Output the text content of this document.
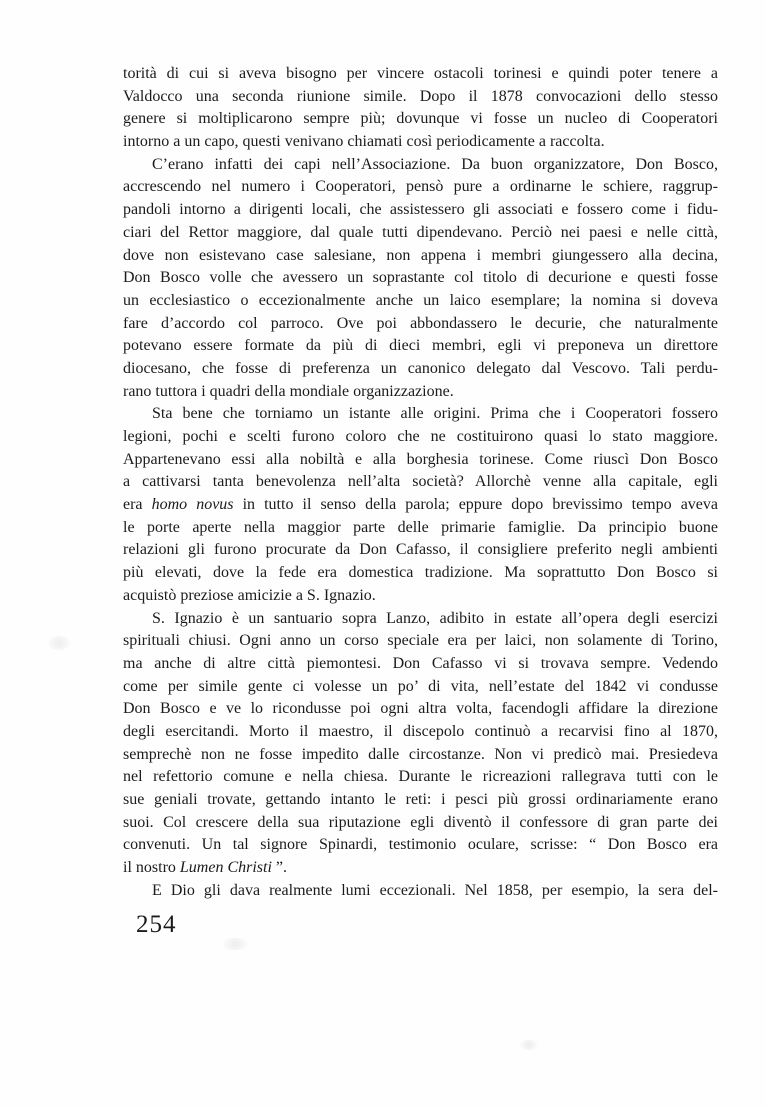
torità di cui si aveva bisogno per vincere ostacoli torinesi e quindi poter tenere a
Valdocco una seconda riunione simile. Dopo il 1878 convocazioni dello stesso
genere si moltiplicarono sempre più; dovunque vi fosse un nucleo di Cooperatori
intorno a un capo, questi venivano chiamati così periodicamente a raccolta.
C’erano infatti dei capi nell’Associazione. Da buon organizzatore, Don Bosco,
accrescendo nel numero i Cooperatori, pensò pure a ordinarne le schiere, raggrup-
pandoli intorno a dirigenti locali, che assistessero gli associati e fossero come i fidu-
ciari del Rettor maggiore, dal quale tutti dipendevano. Perciò nei paesi e nelle città,
dove non esistevano case salesiane, non appena i membri giungessero alla decina,
Don Bosco volle che avessero un soprastante col titolo di decurione e questi fosse
un ecclesiastico o eccezionalmente anche un laico esemplare; la nomina si doveva
fare d’accordo col parroco. Ove poi abbondassero le decurie, che naturalmente
potevano essere formate da più di dieci membri, egli vi preponeva un direttore
diocesano, che fosse di preferenza un canonico delegato dal Vescovo. Tali perdu-
rano tuttora i quadri della mondiale organizzazione.
Sta bene che torniamo un istante alle origini. Prima che i Cooperatori fossero
legioni, pochi e scelti furono coloro che ne costituirono quasi lo stato maggiore.
Appartenevano essi alla nobiltà e alla borghesia torinese. Come riuscì Don Bosco
a cattivarsi tanta benevolenza nell’alta società? Allorchè venne alla capitale, egli
era homo novus in tutto il senso della parola; eppure dopo brevissimo tempo aveva
le porte aperte nella maggior parte delle primarie famiglie. Da principio buone
relazioni gli furono procurate da Don Cafasso, il consigliere preferito negli ambienti
più elevati, dove la fede era domestica tradizione. Ma soprattutto Don Bosco si
acquistò preziose amicizie a S. Ignazio.
S. Ignazio è un santuario sopra Lanzo, adibito in estate all’opera degli esercizi
spirituali chiusi. Ogni anno un corso speciale era per laici, non solamente di Torino,
ma anche di altre città piemontesi. Don Cafasso vi si trovava sempre. Vedendo
come per simile gente ci volesse un po’ di vita, nell’estate del 1842 vi condusse
Don Bosco e ve lo ricondusse poi ogni altra volta, facendogli affidare la direzione
degli esercitandi. Morto il maestro, il discepolo continuò a recarvisi fino al 1870,
semprechè non ne fosse impedito dalle circostanze. Non vi predicò mai. Presiedeva
nel refettorio comune e nella chiesa. Durante le ricreazioni rallegrava tutti con le
sue geniali trovate, gettando intanto le reti: i pesci più grossi ordinariamente erano
suoi. Col crescere della sua riputazione egli diventò il confessore di gran parte dei
convenuti. Un tal signore Spinardi, testimonio oculare, scrisse: “ Don Bosco era
il nostro Lumen Christi ”.
E Dio gli dava realmente lumi eccezionali. Nel 1858, per esempio, la sera del-
254
